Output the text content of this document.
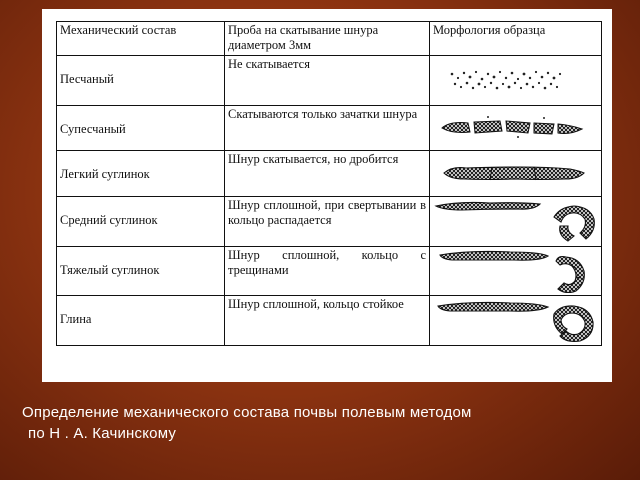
Механический состав	Проба на скатывание шнура диаметром 3мм	Морфология образца

Песчаный	Не скатывается	

Супесчаный	Скатываются только зачатки шнура	

Легкий суглинок	Шнур скатывается, но дробится	

Средний суглинок	Шнур сплошной, при свертывании в кольцо распадается	

Тяжелый суглинок	Шнур сплошной, кольцо с трещинами	

Глина	Шнур сплошной, кольцо стойкое	
Определение механического состава почвы полевым методом
по Н . А. Качинскому
